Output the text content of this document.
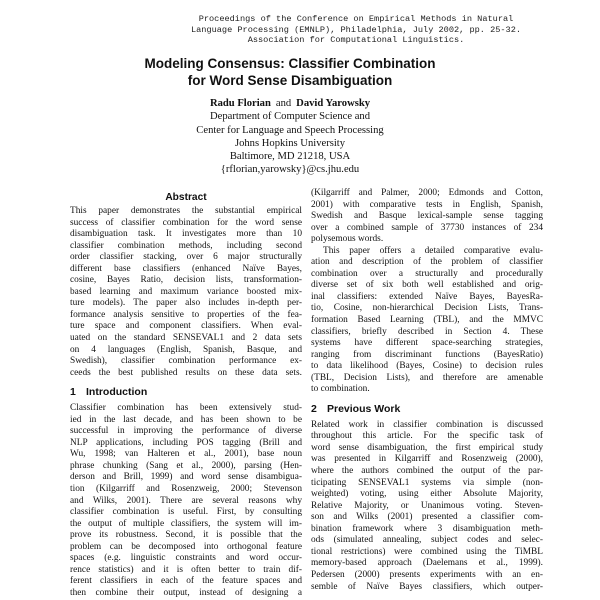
Proceedings of the Conference on Empirical Methods in Natural
Language Processing (EMNLP), Philadelphia, July 2002, pp. 25-32.
Association for Computational Linguistics.
Modeling Consensus: Classifier Combination
for Word Sense Disambiguation
Radu Florian and David Yarowsky
Department of Computer Science and
Center for Language and Speech Processing
Johns Hopkins University
Baltimore, MD 21218, USA
{rflorian,yarowsky}@cs.jhu.edu
Abstract
This paper demonstrates the substantial empirical
success of classifier combination for the word sense
disambiguation task. It investigates more than 10
classifier combination methods, including second
order classifier stacking, over 6 major structurally
different base classifiers (enhanced Naïve Bayes,
cosine, Bayes Ratio, decision lists, transformation-
based learning and maximum variance boosted mix-
ture models). The paper also includes in-depth per-
formance analysis sensitive to properties of the fea-
ture space and component classifiers. When eval-
uated on the standard SENSEVAL1 and 2 data sets
on 4 languages (English, Spanish, Basque, and
Swedish), classifier combination performance ex-
ceeds the best published results on these data sets.
1 Introduction
Classifier combination has been extensively stud-
ied in the last decade, and has been shown to be
successful in improving the performance of diverse
NLP applications, including POS tagging (Brill and
Wu, 1998; van Halteren et al., 2001), base noun
phrase chunking (Sang et al., 2000), parsing (Hen-
derson and Brill, 1999) and word sense disambigua-
tion (Kilgarriff and Rosenzweig, 2000; Stevenson
and Wilks, 2001). There are several reasons why
classifier combination is useful. First, by consulting
the output of multiple classifiers, the system will im-
prove its robustness. Second, it is possible that the
problem can be decomposed into orthogonal feature
spaces (e.g. linguistic constraints and word occur-
rence statistics) and it is often better to train dif-
ferent classifiers in each of the feature spaces and
then combine their output, instead of designing a
(Kilgarriff and Palmer, 2000; Edmonds and Cotton,
2001) with comparative tests in English, Spanish,
Swedish and Basque lexical-sample sense tagging
over a combined sample of 37730 instances of 234
polysemous words.
This paper offers a detailed comparative evalu-
ation and description of the problem of classifier
combination over a structurally and procedurally
diverse set of six both well established and orig-
inal classifiers: extended Naïve Bayes, BayesRa-
tio, Cosine, non-hierarchical Decision Lists, Trans-
formation Based Learning (TBL), and the MMVC
classifiers, briefly described in Section 4. These
systems have different space-searching strategies,
ranging from discriminant functions (BayesRatio)
to data likelihood (Bayes, Cosine) to decision rules
(TBL, Decision Lists), and therefore are amenable
to combination.
2 Previous Work
Related work in classifier combination is discussed
throughout this article. For the specific task of
word sense disambiguation, the first empirical study
was presented in Kilgarriff and Rosenzweig (2000),
where the authors combined the output of the par-
ticipating SENSEVAL1 systems via simple (non-
weighted) voting, using either Absolute Majority,
Relative Majority, or Unanimous voting. Steven-
son and Wilks (2001) presented a classifier com-
bination framework where 3 disambiguation meth-
ods (simulated annealing, subject codes and selec-
tional restrictions) were combined using the TiMBL
memory-based approach (Daelemans et al., 1999).
Pedersen (2000) presents experiments with an en-
semble of Naïve Bayes classifiers, which outper-
